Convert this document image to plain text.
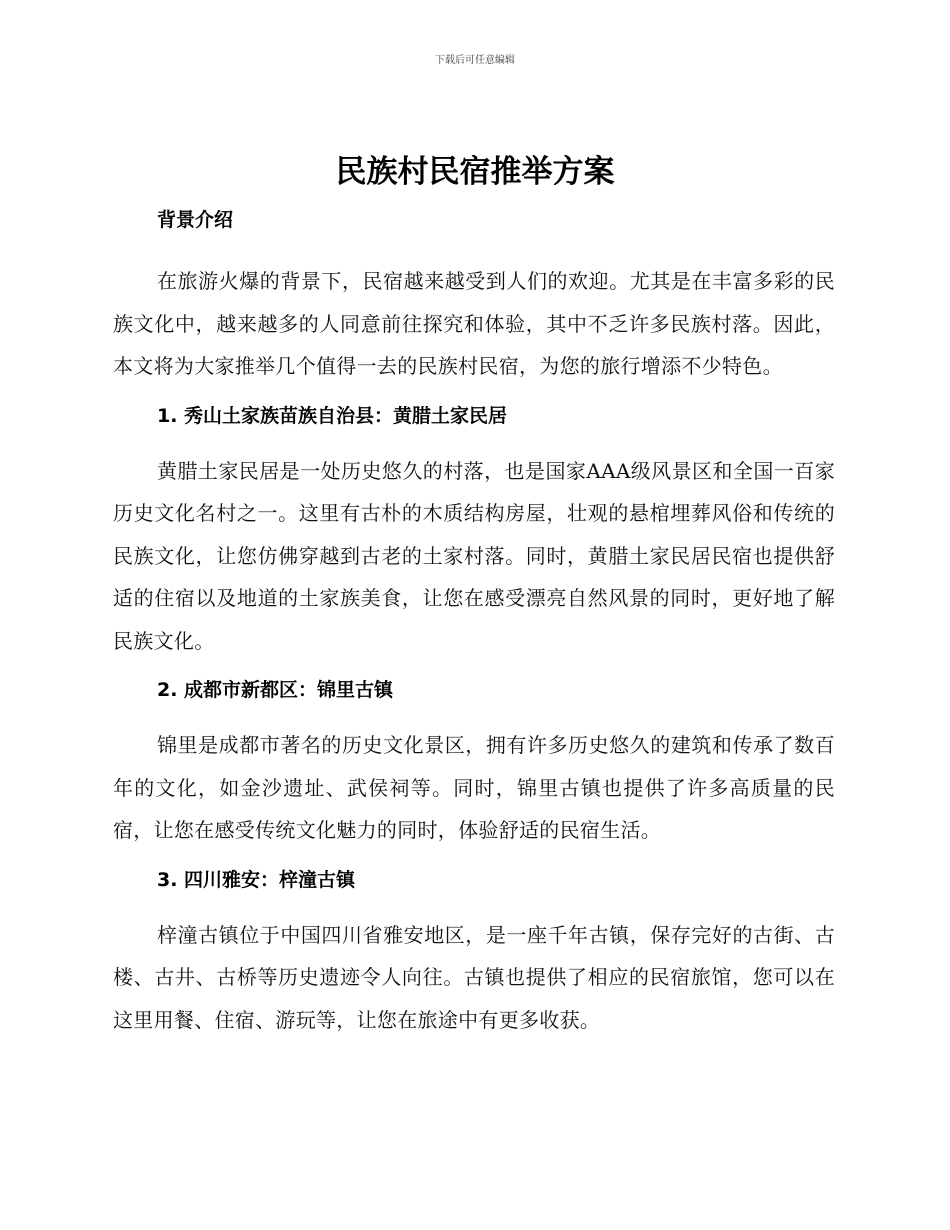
下载后可任意编辑
民族村民宿推举方案
背景介绍

在旅游火爆的背景下，民宿越来越受到人们的欢迎。尤其是在丰富多彩的民族文化中，越来越多的人同意前往探究和体验，其中不乏许多民族村落。因此，本文将为大家推举几个值得一去的民族村民宿，为您的旅行增添不少特色。

1. 秀山土家族苗族自治县：黄腊土家民居

黄腊土家民居是一处历史悠久的村落，也是国家AAA级风景区和全国一百家历史文化名村之一。这里有古朴的木质结构房屋，壮观的悬棺埋葬风俗和传统的民族文化，让您仿佛穿越到古老的土家村落。同时，黄腊土家民居民宿也提供舒适的住宿以及地道的土家族美食，让您在感受漂亮自然风景的同时，更好地了解民族文化。

2. 成都市新都区：锦里古镇

锦里是成都市著名的历史文化景区，拥有许多历史悠久的建筑和传承了数百年的文化，如金沙遗址、武侯祠等。同时，锦里古镇也提供了许多高质量的民宿，让您在感受传统文化魅力的同时，体验舒适的民宿生活。

3. 四川雅安：梓潼古镇

梓潼古镇位于中国四川省雅安地区，是一座千年古镇，保存完好的古街、古楼、古井、古桥等历史遗迹令人向往。古镇也提供了相应的民宿旅馆，您可以在这里用餐、住宿、游玩等，让您在旅途中有更多收获。
